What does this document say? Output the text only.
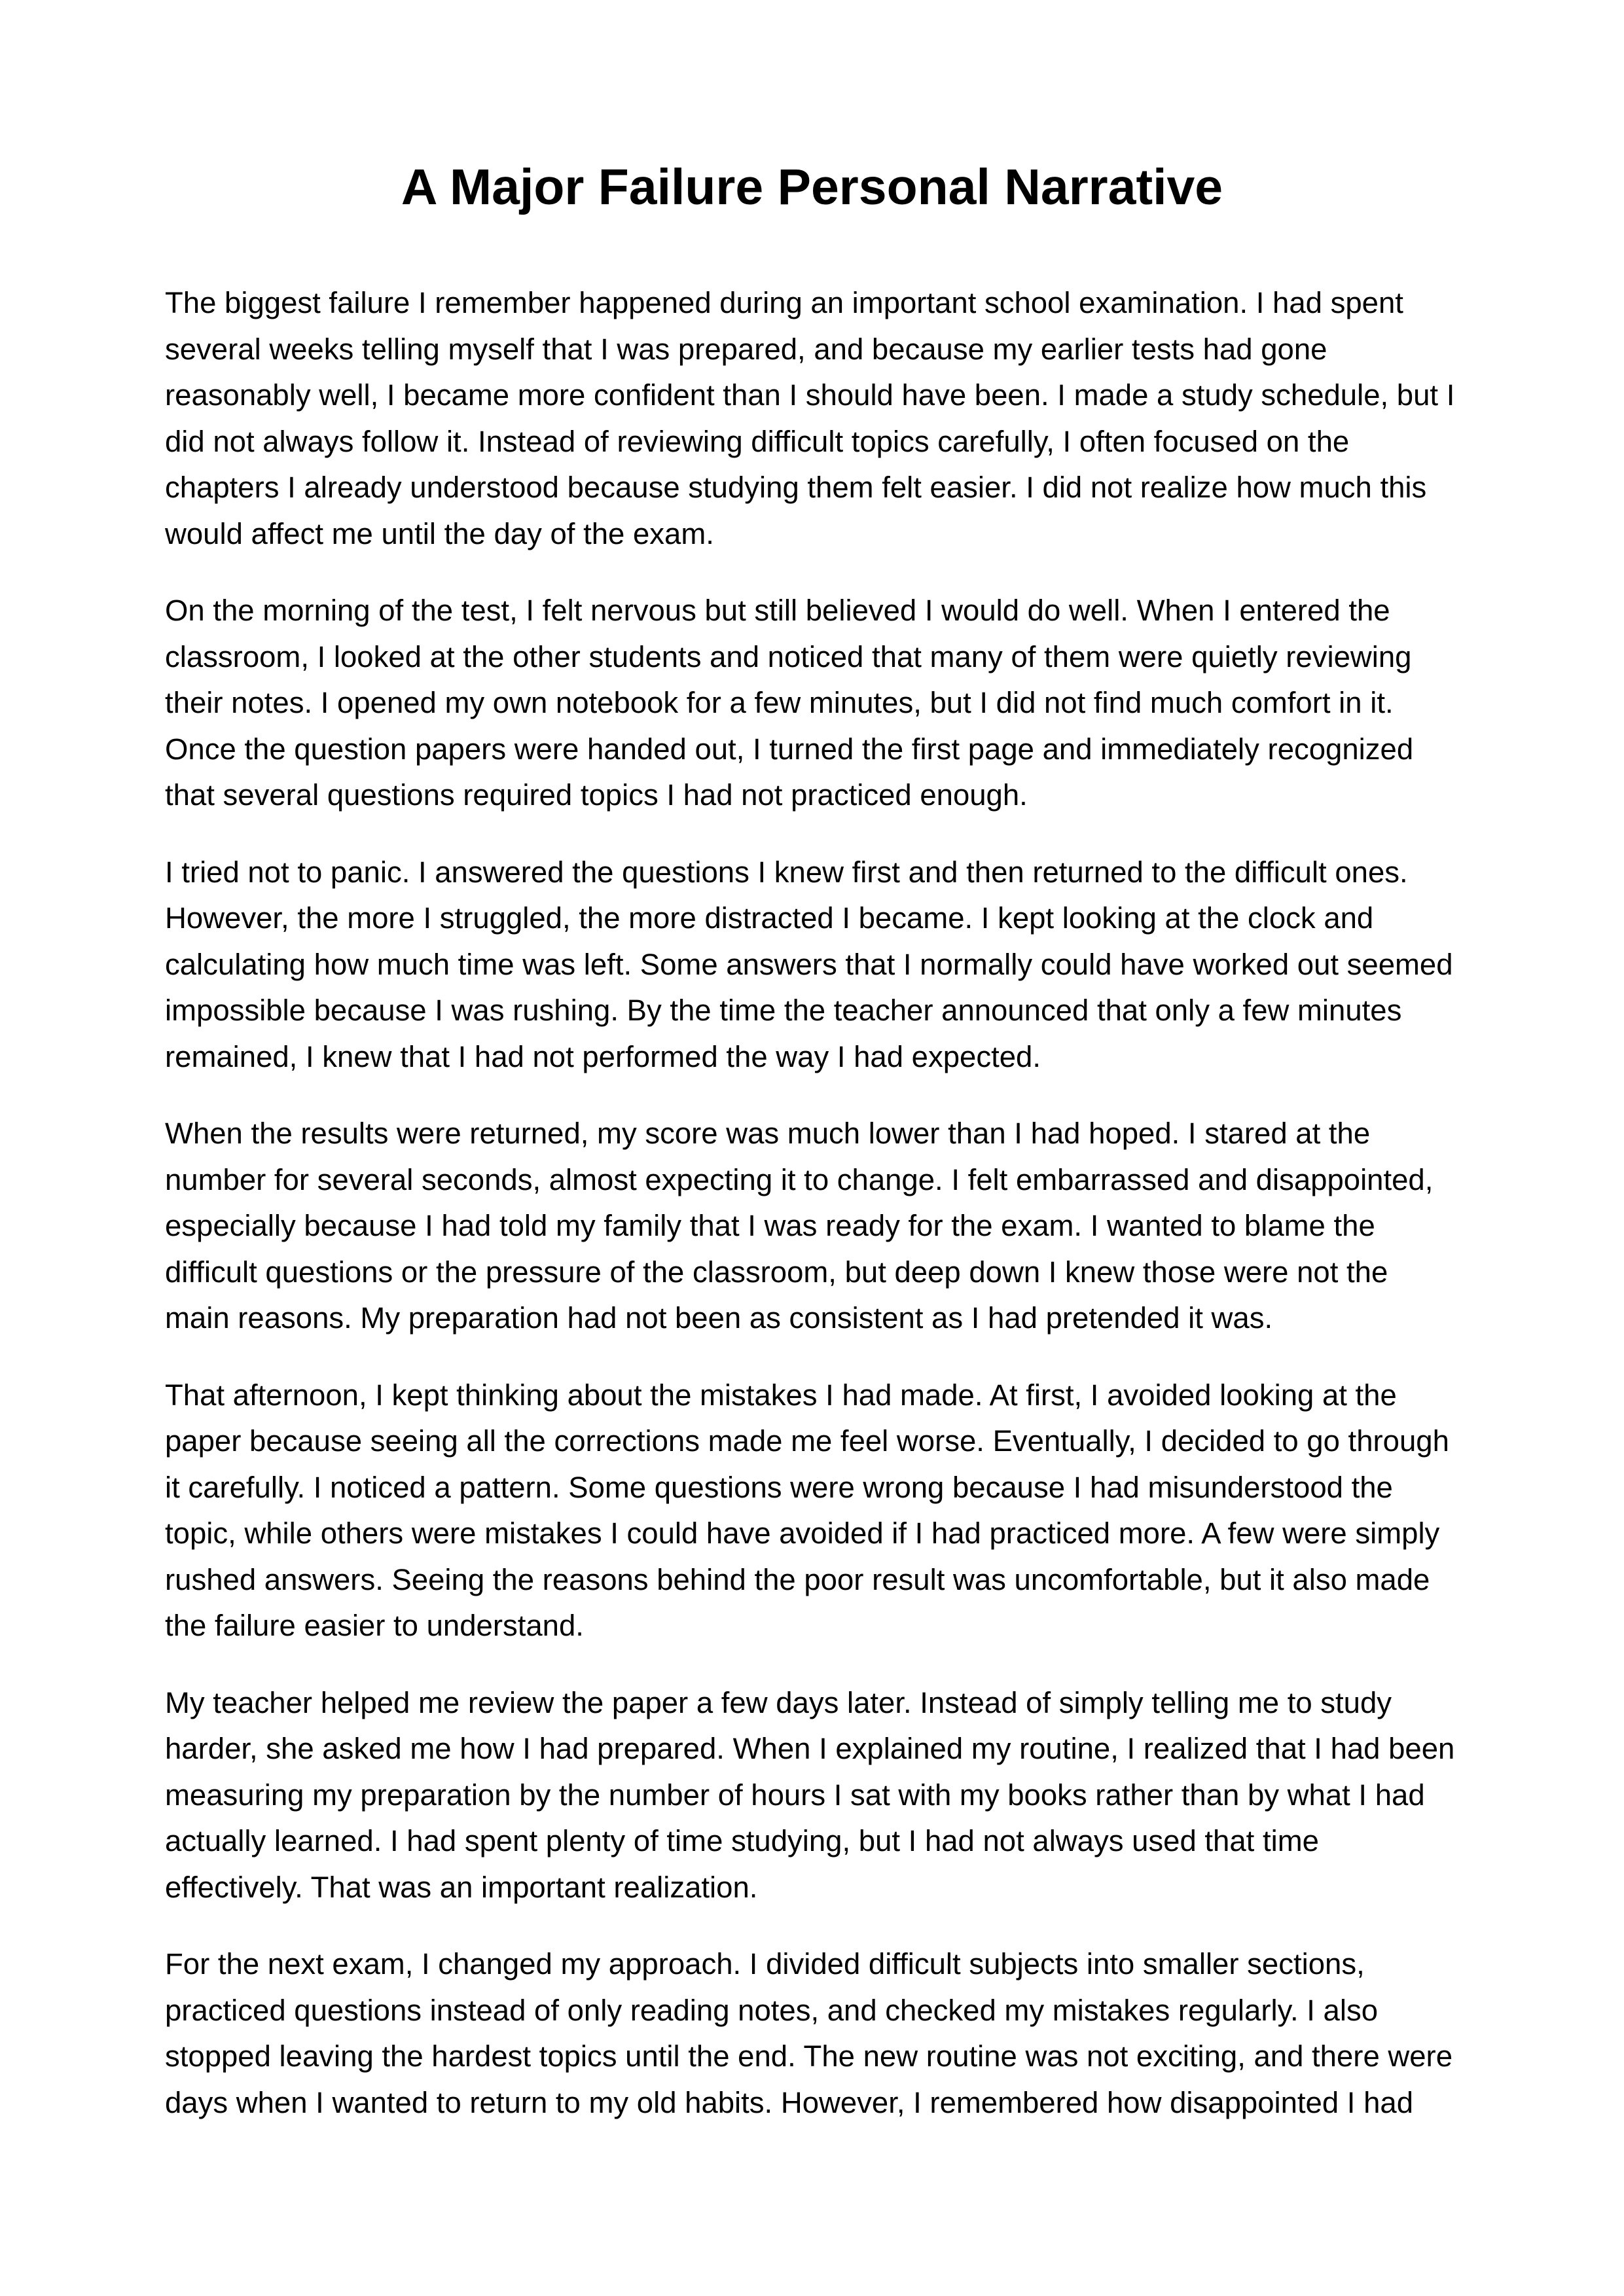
A Major Failure Personal Narrative

The biggest failure I remember happened during an important school examination. I had spent
several weeks telling myself that I was prepared, and because my earlier tests had gone
reasonably well, I became more confident than I should have been. I made a study schedule, but I
did not always follow it. Instead of reviewing difficult topics carefully, I often focused on the
chapters I already understood because studying them felt easier. I did not realize how much this
would affect me until the day of the exam.

On the morning of the test, I felt nervous but still believed I would do well. When I entered the
classroom, I looked at the other students and noticed that many of them were quietly reviewing
their notes. I opened my own notebook for a few minutes, but I did not find much comfort in it.
Once the question papers were handed out, I turned the first page and immediately recognized
that several questions required topics I had not practiced enough.

I tried not to panic. I answered the questions I knew first and then returned to the difficult ones.
However, the more I struggled, the more distracted I became. I kept looking at the clock and
calculating how much time was left. Some answers that I normally could have worked out seemed
impossible because I was rushing. By the time the teacher announced that only a few minutes
remained, I knew that I had not performed the way I had expected.

When the results were returned, my score was much lower than I had hoped. I stared at the
number for several seconds, almost expecting it to change. I felt embarrassed and disappointed,
especially because I had told my family that I was ready for the exam. I wanted to blame the
difficult questions or the pressure of the classroom, but deep down I knew those were not the
main reasons. My preparation had not been as consistent as I had pretended it was.

That afternoon, I kept thinking about the mistakes I had made. At first, I avoided looking at the
paper because seeing all the corrections made me feel worse. Eventually, I decided to go through
it carefully. I noticed a pattern. Some questions were wrong because I had misunderstood the
topic, while others were mistakes I could have avoided if I had practiced more. A few were simply
rushed answers. Seeing the reasons behind the poor result was uncomfortable, but it also made
the failure easier to understand.

My teacher helped me review the paper a few days later. Instead of simply telling me to study
harder, she asked me how I had prepared. When I explained my routine, I realized that I had been
measuring my preparation by the number of hours I sat with my books rather than by what I had
actually learned. I had spent plenty of time studying, but I had not always used that time
effectively. That was an important realization.

For the next exam, I changed my approach. I divided difficult subjects into smaller sections,
practiced questions instead of only reading notes, and checked my mistakes regularly. I also
stopped leaving the hardest topics until the end. The new routine was not exciting, and there were
days when I wanted to return to my old habits. However, I remembered how disappointed I had
